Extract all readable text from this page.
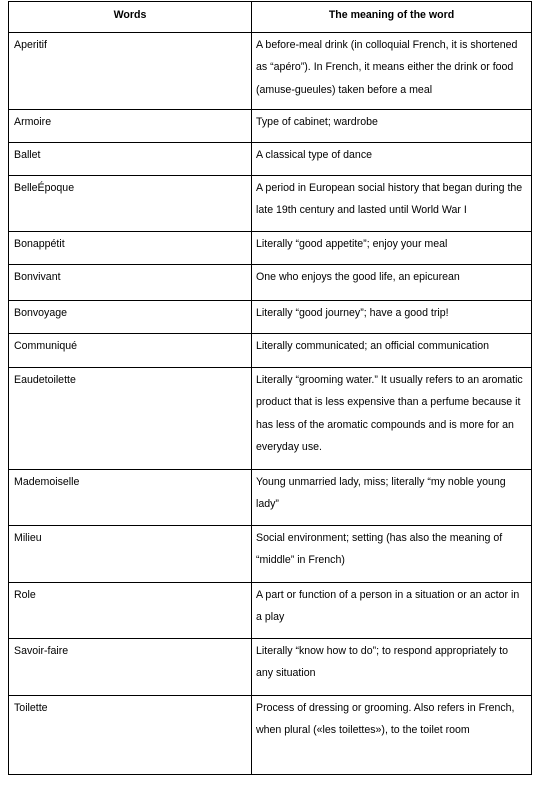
Words	The meaning of the word
Aperitif	A before-meal drink (in colloquial French, it is shortened as “apéro”). In French, it means either the drink or food (amuse-gueules) taken before a meal
Armoire	Type of cabinet; wardrobe
Ballet	A classical type of dance
BelleÉpoque	A period in European social history that began during the late 19th century and lasted until World War I
Bonappétit	Literally “good appetite”; enjoy your meal
Bonvivant	One who enjoys the good life, an epicurean
Bonvoyage	Literally “good journey”; have a good trip!
Communiqué	Literally communicated; an official communication
Eaudetoilette	Literally “grooming water.” It usually refers to an aromatic product that is less expensive than a perfume because it has less of the aromatic compounds and is more for an everyday use.
Mademoiselle	Young unmarried lady, miss; literally “my noble young lady”
Milieu	Social environment; setting (has also the meaning of “middle” in French)
Role	A part or function of a person in a situation or an actor in a play
Savoir-faire	Literally “know how to do”; to respond appropriately to any situation
Toilette	Process of dressing or grooming. Also refers in French, when plural («les toilettes»), to the toilet room
